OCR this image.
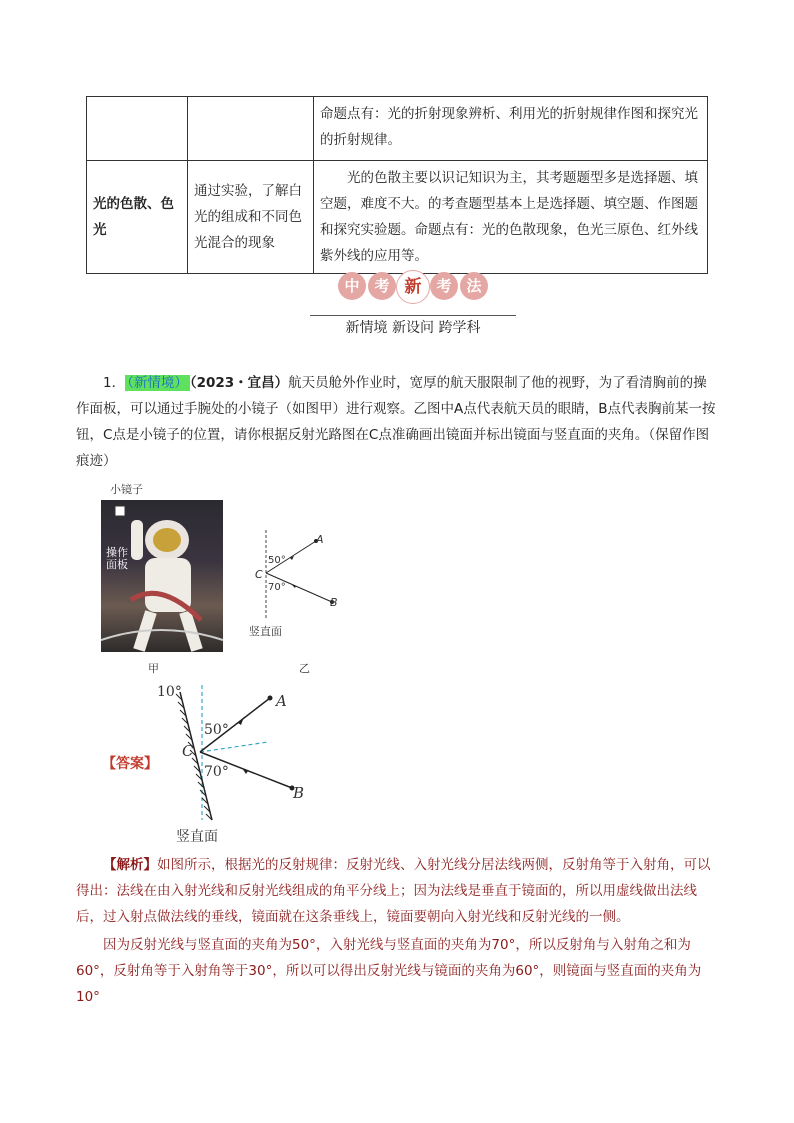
		命题点有：光的折射现象辨析、利用光的折射规律作图和探究光的折射规律。
光的色散、色光	通过实验，了解白光的组成和不同色光混合的现象	光的色散主要以识记知识为主，其考题题型多是选择题、填空题，难度不大。的考查题型基本上是选择题、填空题、作图题和探究实验题。命题点有：光的色散现象，色光三原色、红外线紫外线的应用等。
中 考 新 考 法
新情境 新设问 跨学科
1． （新情境） （2023・宜昌）航天员舱外作业时，宽厚的航天服限制了他的视野，为了看清胸前的操作面板，可以通过手腕处的小镜子（如图甲）进行观察。乙图中A点代表航天员的眼睛，B点代表胸前某一按钮，C点是小镜子的位置，请你根据反射光路图在C点准确画出镜面并标出镜面与竖直面的夹角。（保留作图痕迹）
小镜子
操作
面板
甲
A
B
C
50°
70°
竖直面
乙
【答案】
10°
50°
70°
A
B
C
竖直面
【解析】如图所示，根据光的反射规律：反射光线、入射光线分居法线两侧，反射角等于入射角，可以得出：法线在由入射光线和反射光线组成的角平分线上；因为法线是垂直于镜面的，所以用虚线做出法线后，过入射点做法线的垂线，镜面就在这条垂线上，镜面要朝向入射光线和反射光线的一侧。
因为反射光线与竖直面的夹角为50°，入射光线与竖直面的夹角为70°，所以反射角与入射角之和为60°，反射角等于入射角等于30°，所以可以得出反射光线与镜面的夹角为60°，则镜面与竖直面的夹角为10°
